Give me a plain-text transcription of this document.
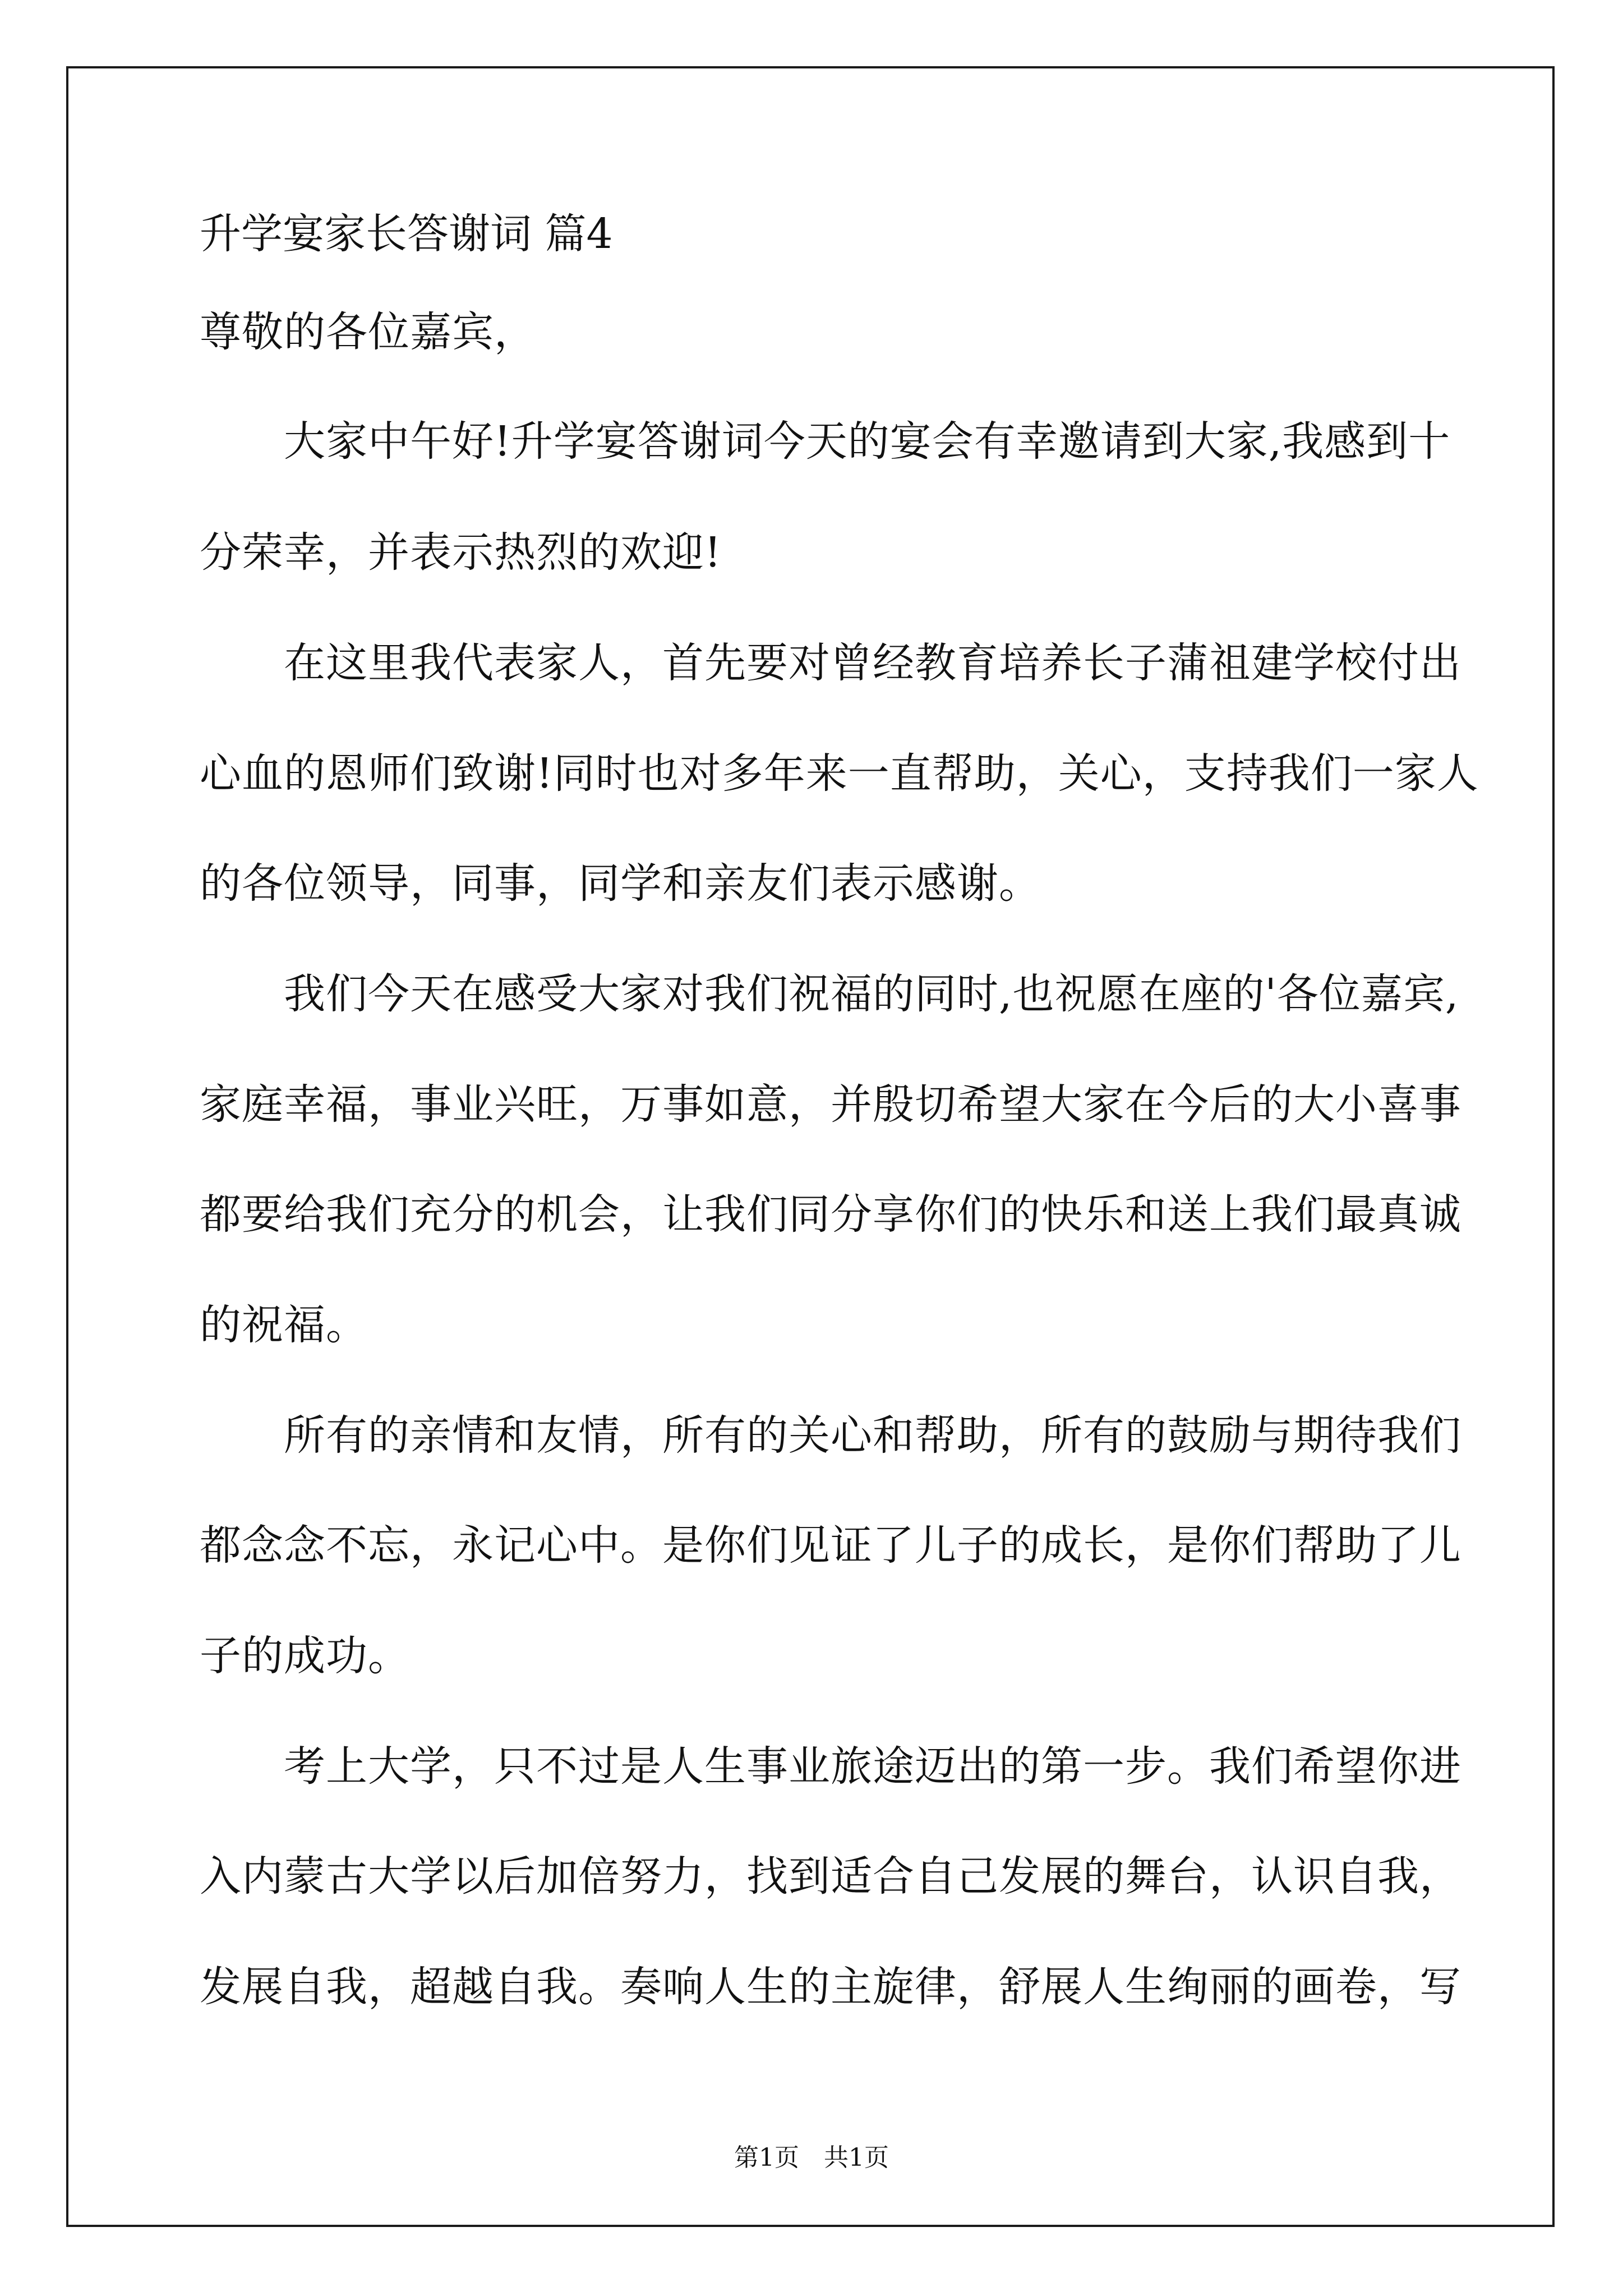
升学宴家长答谢词 篇4
尊敬的各位嘉宾，
　　大家中午好!升学宴答谢词今天的宴会有幸邀请到大家,我感到十
分荣幸，并表示热烈的欢迎!
　　在这里我代表家人，首先要对曾经教育培养长子蒲祖建学校付出
心血的恩师们致谢!同时也对多年来一直帮助，关心，支持我们一家人
的各位领导，同事，同学和亲友们表示感谢。
　　我们今天在感受大家对我们祝福的同时,也祝愿在座的'各位嘉宾,
家庭幸福，事业兴旺，万事如意，并殷切希望大家在今后的大小喜事
都要给我们充分的机会，让我们同分享你们的快乐和送上我们最真诚
的祝福。
　　所有的亲情和友情，所有的关心和帮助，所有的鼓励与期待我们
都念念不忘，永记心中。是你们见证了儿子的成长，是你们帮助了儿
子的成功。
　　考上大学，只不过是人生事业旅途迈出的第一步。我们希望你进
入内蒙古大学以后加倍努力，找到适合自己发展的舞台，认识自我，
发展自我，超越自我。奏响人生的主旋律，舒展人生绚丽的画卷，写
第1页　共1页
